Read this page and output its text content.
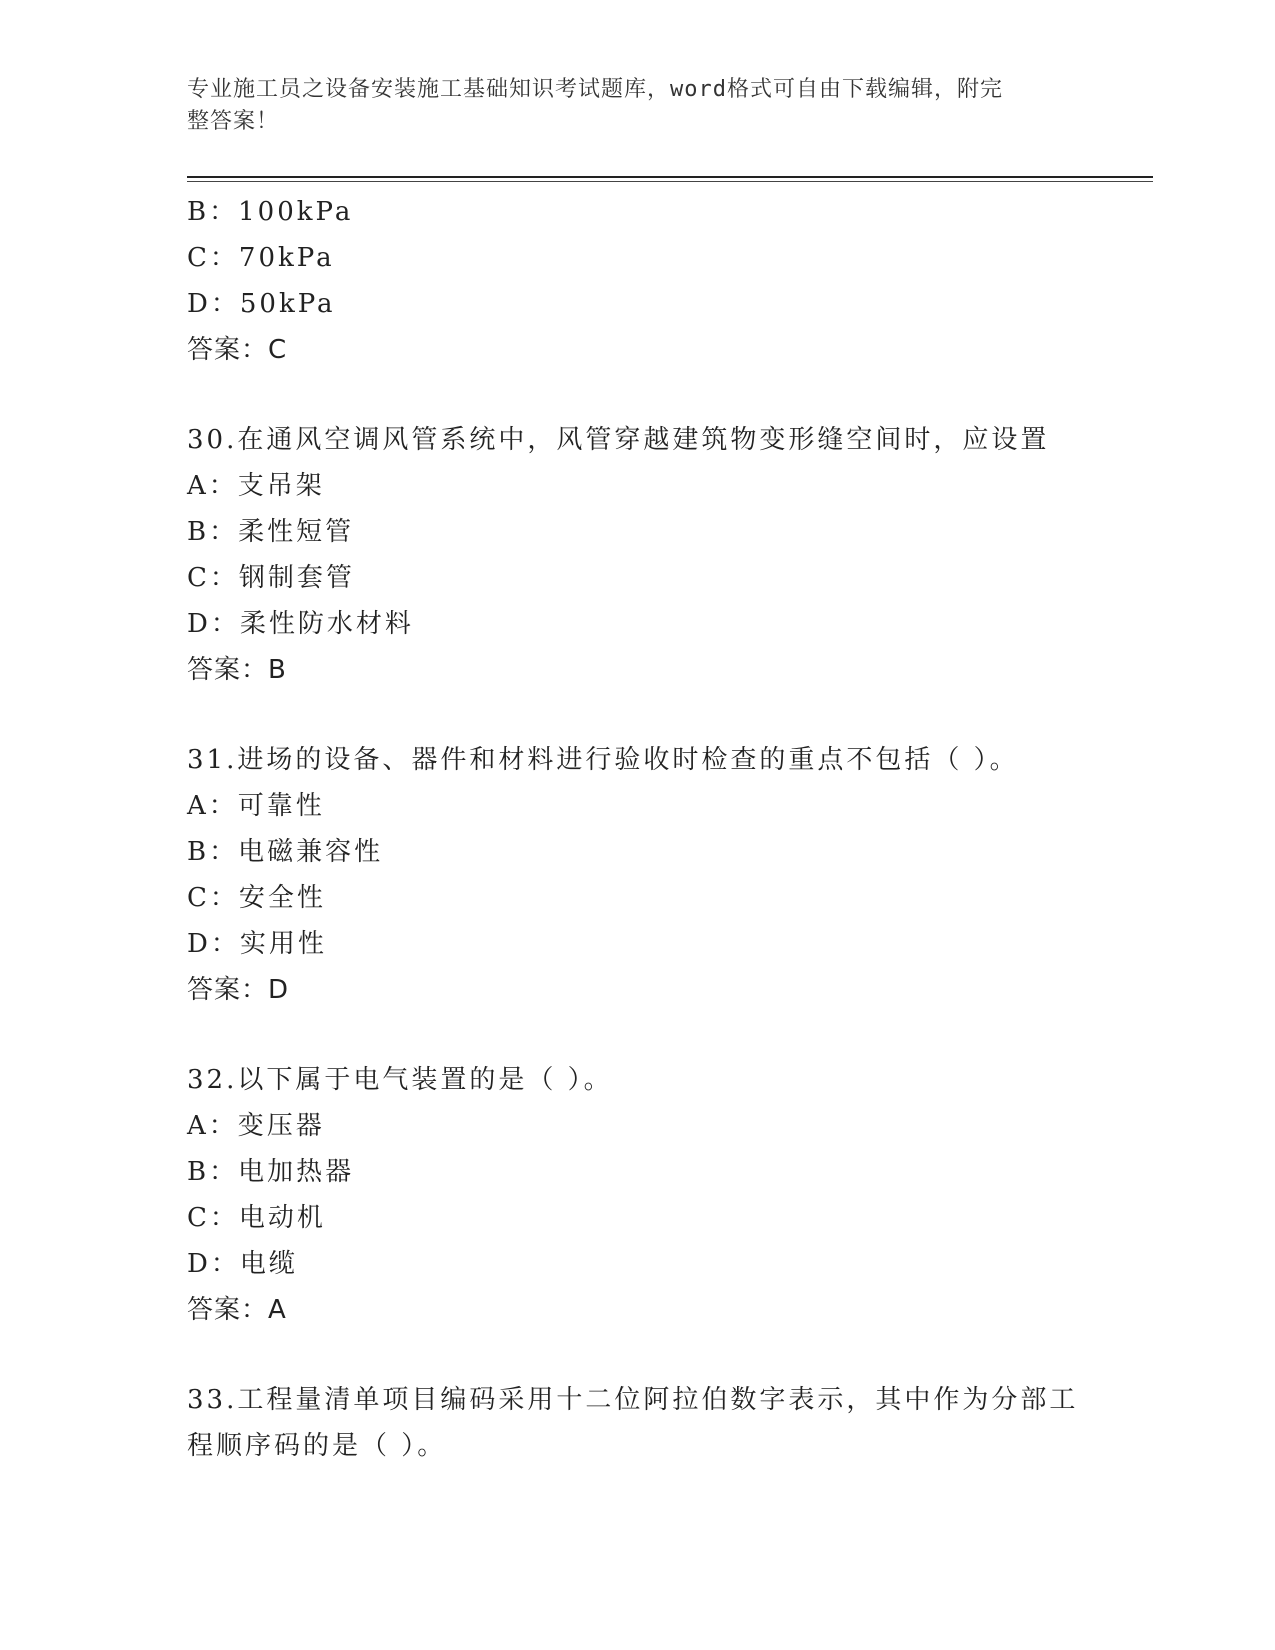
专业施工员之设备安装施工基础知识考试题库，word格式可自由下载编辑，附完
整答案！
B：100kPa
C：70kPa
D：50kPa
答案：C
30.在通风空调风管系统中，风管穿越建筑物变形缝空间时，应设置
A：支吊架
B：柔性短管
C：钢制套管
D：柔性防水材料
答案：B
31.进场的设备、器件和材料进行验收时检查的重点不包括（ ）。
A：可靠性
B：电磁兼容性
C：安全性
D：实用性
答案：D
32.以下属于电气装置的是（ ）。
A：变压器
B：电加热器
C：电动机
D：电缆
答案：A
33.工程量清单项目编码采用十二位阿拉伯数字表示，其中作为分部工
程顺序码的是（ ）。
